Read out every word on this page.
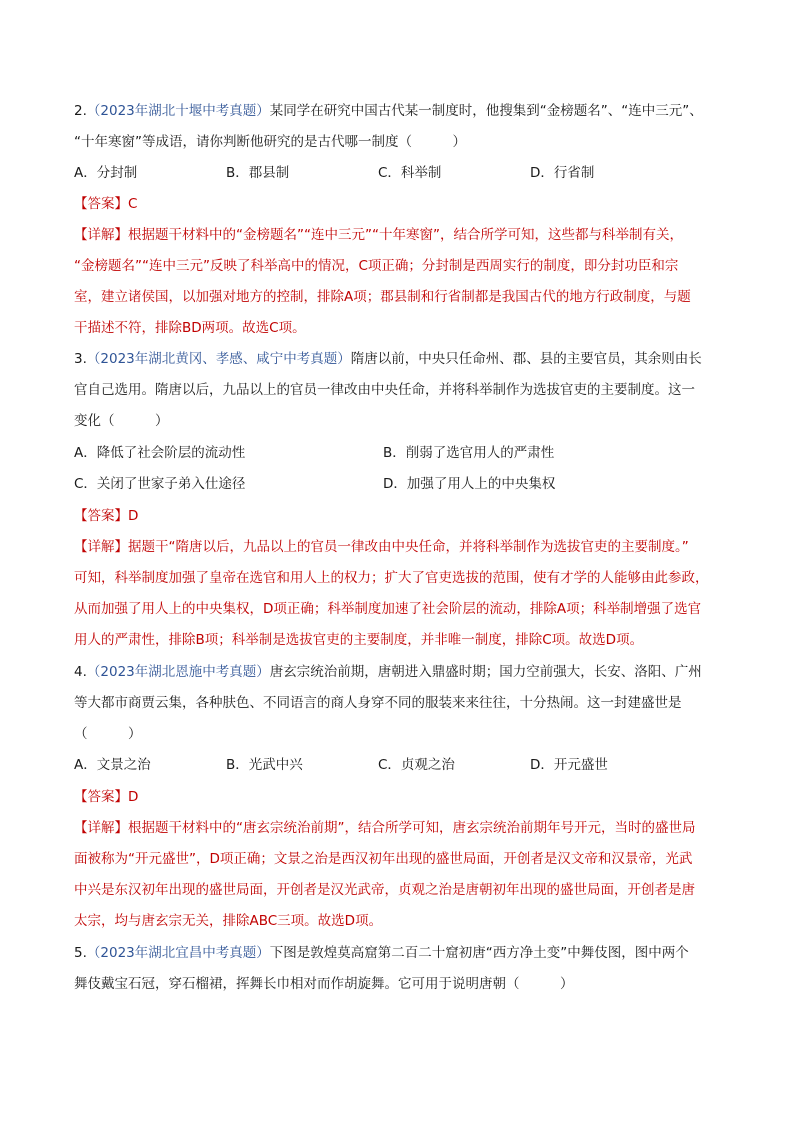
2.（2023年湖北十堰中考真题）某同学在研究中国古代某一制度时，他搜集到“金榜题名”、“连中三元”、
“十年寒窗”等成语，请你判断他研究的是古代哪一制度（　　　）
A．分封制	B．郡县制	C．科举制	D．行省制
【答案】C
【详解】根据题干材料中的“金榜题名”“连中三元”“十年寒窗”，结合所学可知，这些都与科举制有关，
“金榜题名”“连中三元”反映了科举高中的情况，C项正确；分封制是西周实行的制度，即分封功臣和宗
室，建立诸侯国，以加强对地方的控制，排除A项；郡县制和行省制都是我国古代的地方行政制度，与题
干描述不符，排除BD两项。故选C项。
3.（2023年湖北黄冈、孝感、咸宁中考真题）隋唐以前，中央只任命州、郡、县的主要官员，其余则由长
官自己选用。隋唐以后，九品以上的官员一律改由中央任命，并将科举制作为选拔官吏的主要制度。这一
变化（　　　）
A．降低了社会阶层的流动性	B．削弱了选官用人的严肃性
C．关闭了世家子弟入仕途径	D．加强了用人上的中央集权
【答案】D
【详解】据题干“隋唐以后，九品以上的官员一律改由中央任命，并将科举制作为选拔官吏的主要制度。”
可知，科举制度加强了皇帝在选官和用人上的权力；扩大了官吏选拔的范围，使有才学的人能够由此参政，
从而加强了用人上的中央集权，D项正确；科举制度加速了社会阶层的流动，排除A项；科举制增强了选官
用人的严肃性，排除B项；科举制是选拔官吏的主要制度，并非唯一制度，排除C项。故选D项。
4.（2023年湖北恩施中考真题）唐玄宗统治前期，唐朝进入鼎盛时期；国力空前强大，长安、洛阳、广州
等大都市商贾云集，各种肤色、不同语言的商人身穿不同的服装来来往往，十分热闹。这一封建盛世是
（　　　）
A．文景之治	B．光武中兴	C．贞观之治	D．开元盛世
【答案】D
【详解】根据题干材料中的“唐玄宗统治前期”，结合所学可知，唐玄宗统治前期年号开元，当时的盛世局
面被称为“开元盛世”，D项正确；文景之治是西汉初年出现的盛世局面，开创者是汉文帝和汉景帝，光武
中兴是东汉初年出现的盛世局面，开创者是汉光武帝，贞观之治是唐朝初年出现的盛世局面，开创者是唐
太宗，均与唐玄宗无关，排除ABC三项。故选D项。
5.（2023年湖北宜昌中考真题）下图是敦煌莫高窟第二百二十窟初唐“西方净土变”中舞伎图，图中两个
舞伎戴宝石冠，穿石榴裙，挥舞长巾相对而作胡旋舞。它可用于说明唐朝（　　　）
